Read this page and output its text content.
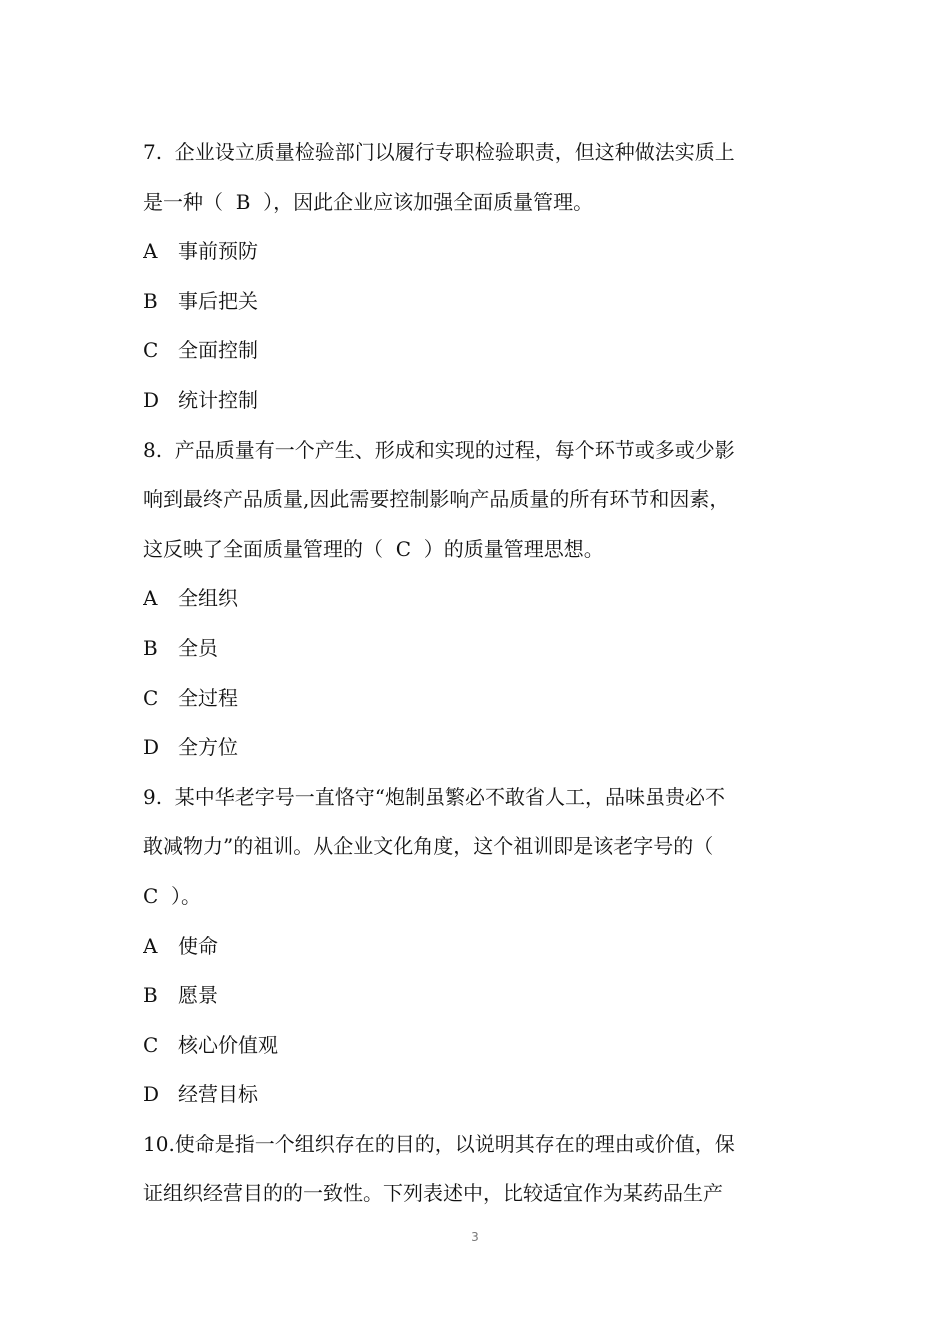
7.  企业设立质量检验部门以履行专职检验职责，但这种做法实质上
是一种（  B  ），因此企业应该加强全面质量管理。
A 事前预防
B 事后把关
C 全面控制
D 统计控制
8.  产品质量有一个产生、形成和实现的过程，每个环节或多或少影
响到最终产品质量,因此需要控制影响产品质量的所有环节和因素，
这反映了全面质量管理的（  C  ）的质量管理思想。
A 全组织
B 全员
C 全过程
D 全方位
9.  某中华老字号一直恪守“炮制虽繁必不敢省人工，品味虽贵必不
敢减物力”的祖训。从企业文化角度，这个祖训即是该老字号的（
C  ）。
A 使命
B 愿景
C 核心价值观
D 经营目标
10.使命是指一个组织存在的目的，以说明其存在的理由或价值，保
证组织经营目的的一致性。下列表述中，比较适宜作为某药品生产
3
